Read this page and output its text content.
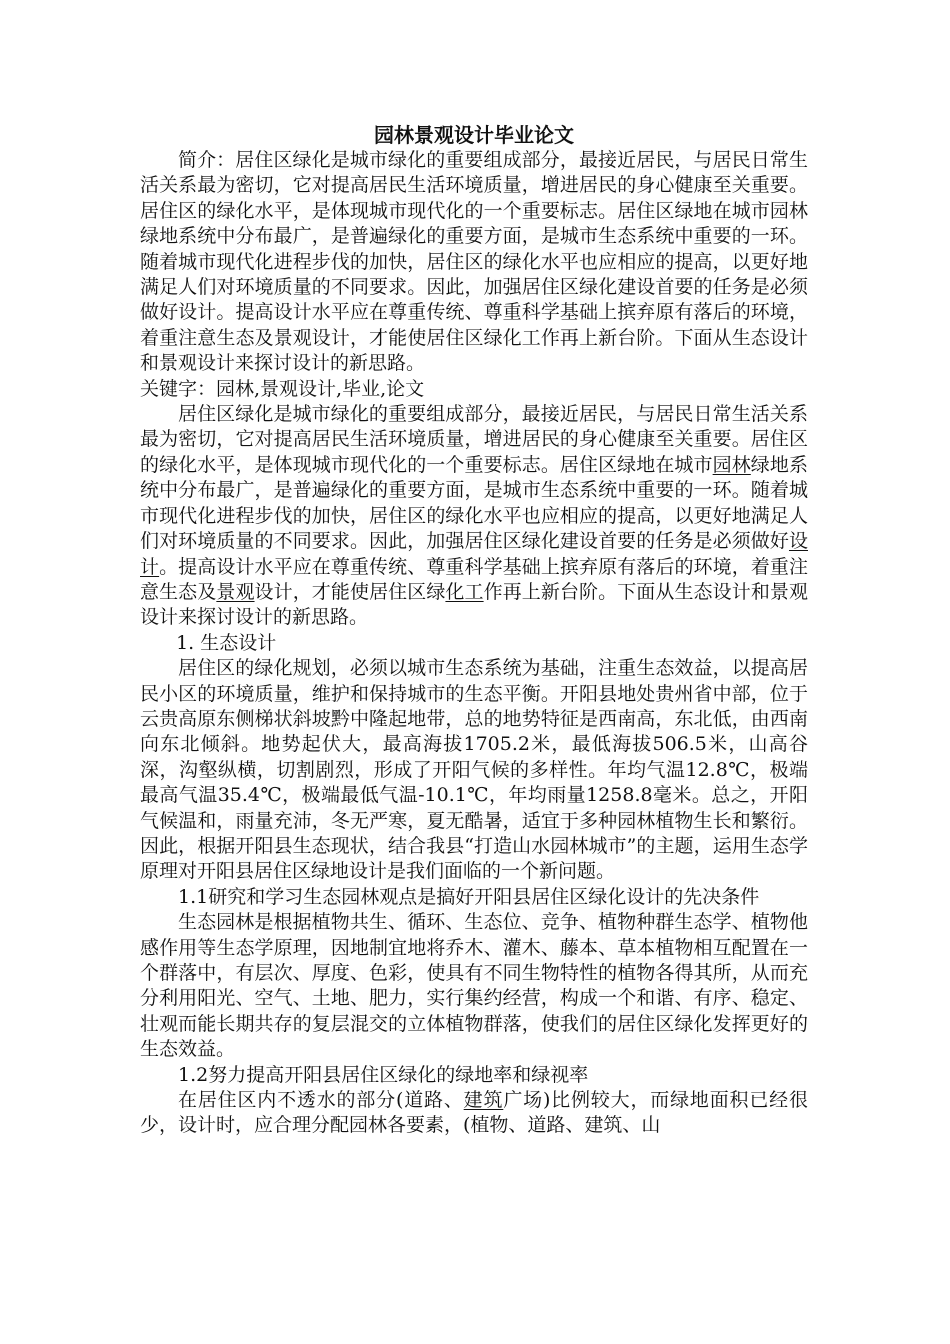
园林景观设计毕业论文

简介：居住区绿化是城市绿化的重要组成部分，最接近居民，与居民日常生活关系最为密切，它对提高居民生活环境质量，增进居民的身心健康至关重要。居住区的绿化水平，是体现城市现代化的一个重要标志。居住区绿地在城市园林绿地系统中分布最广，是普遍绿化的重要方面，是城市生态系统中重要的一环。随着城市现代化进程步伐的加快，居住区的绿化水平也应相应的提高，以更好地满足人们对环境质量的不同要求。因此，加强居住区绿化建设首要的任务是必须做好设计。提高设计水平应在尊重传统、尊重科学基础上摈弃原有落后的环境，着重注意生态及景观设计，才能使居住区绿化工作再上新台阶。下面从生态设计和景观设计来探讨设计的新思路。

关键字：园林,景观设计,毕业,论文

居住区绿化是城市绿化的重要组成部分，最接近居民，与居民日常生活关系最为密切，它对提高居民生活环境质量，增进居民的身心健康至关重要。居住区的绿化水平，是体现城市现代化的一个重要标志。居住区绿地在城市园林绿地系统中分布最广，是普遍绿化的重要方面，是城市生态系统中重要的一环。随着城市现代化进程步伐的加快，居住区的绿化水平也应相应的提高，以更好地满足人们对环境质量的不同要求。因此，加强居住区绿化建设首要的任务是必须做好设计。提高设计水平应在尊重传统、尊重科学基础上摈弃原有落后的环境，着重注意生态及景观设计，才能使居住区绿化工作再上新台阶。下面从生态设计和景观设计来探讨设计的新思路。

1. 生态设计

居住区的绿化规划，必须以城市生态系统为基础，注重生态效益，以提高居民小区的环境质量，维护和保持城市的生态平衡。开阳县地处贵州省中部，位于云贵高原东侧梯状斜坡黔中隆起地带，总的地势特征是西南高，东北低，由西南向东北倾斜。地势起伏大，最高海拔1705.2米，最低海拔506.5米，山高谷深，沟壑纵横，切割剧烈，形成了开阳气候的多样性。年均气温12.8℃，极端最高气温35.4℃，极端最低气温-10.1℃，年均雨量1258.8毫米。总之，开阳气候温和，雨量充沛，冬无严寒，夏无酷暑，适宜于多种园林植物生长和繁衍。因此，根据开阳县生态现状，结合我县“打造山水园林城市”的主题，运用生态学原理对开阳县居住区绿地设计是我们面临的一个新问题。

1.1研究和学习生态园林观点是搞好开阳县居住区绿化设计的先决条件

生态园林是根据植物共生、循环、生态位、竞争、植物种群生态学、植物他感作用等生态学原理，因地制宜地将乔木、灌木、藤本、草本植物相互配置在一个群落中，有层次、厚度、色彩，使具有不同生物特性的植物各得其所，从而充分利用阳光、空气、土地、肥力，实行集约经营，构成一个和谐、有序、稳定、壮观而能长期共存的复层混交的立体植物群落，使我们的居住区绿化发挥更好的生态效益。

1.2努力提高开阳县居住区绿化的绿地率和绿视率

在居住区内不透水的部分(道路、建筑广场)比例较大，而绿地面积已经很少，设计时，应合理分配园林各要素，(植物、道路、建筑、山
